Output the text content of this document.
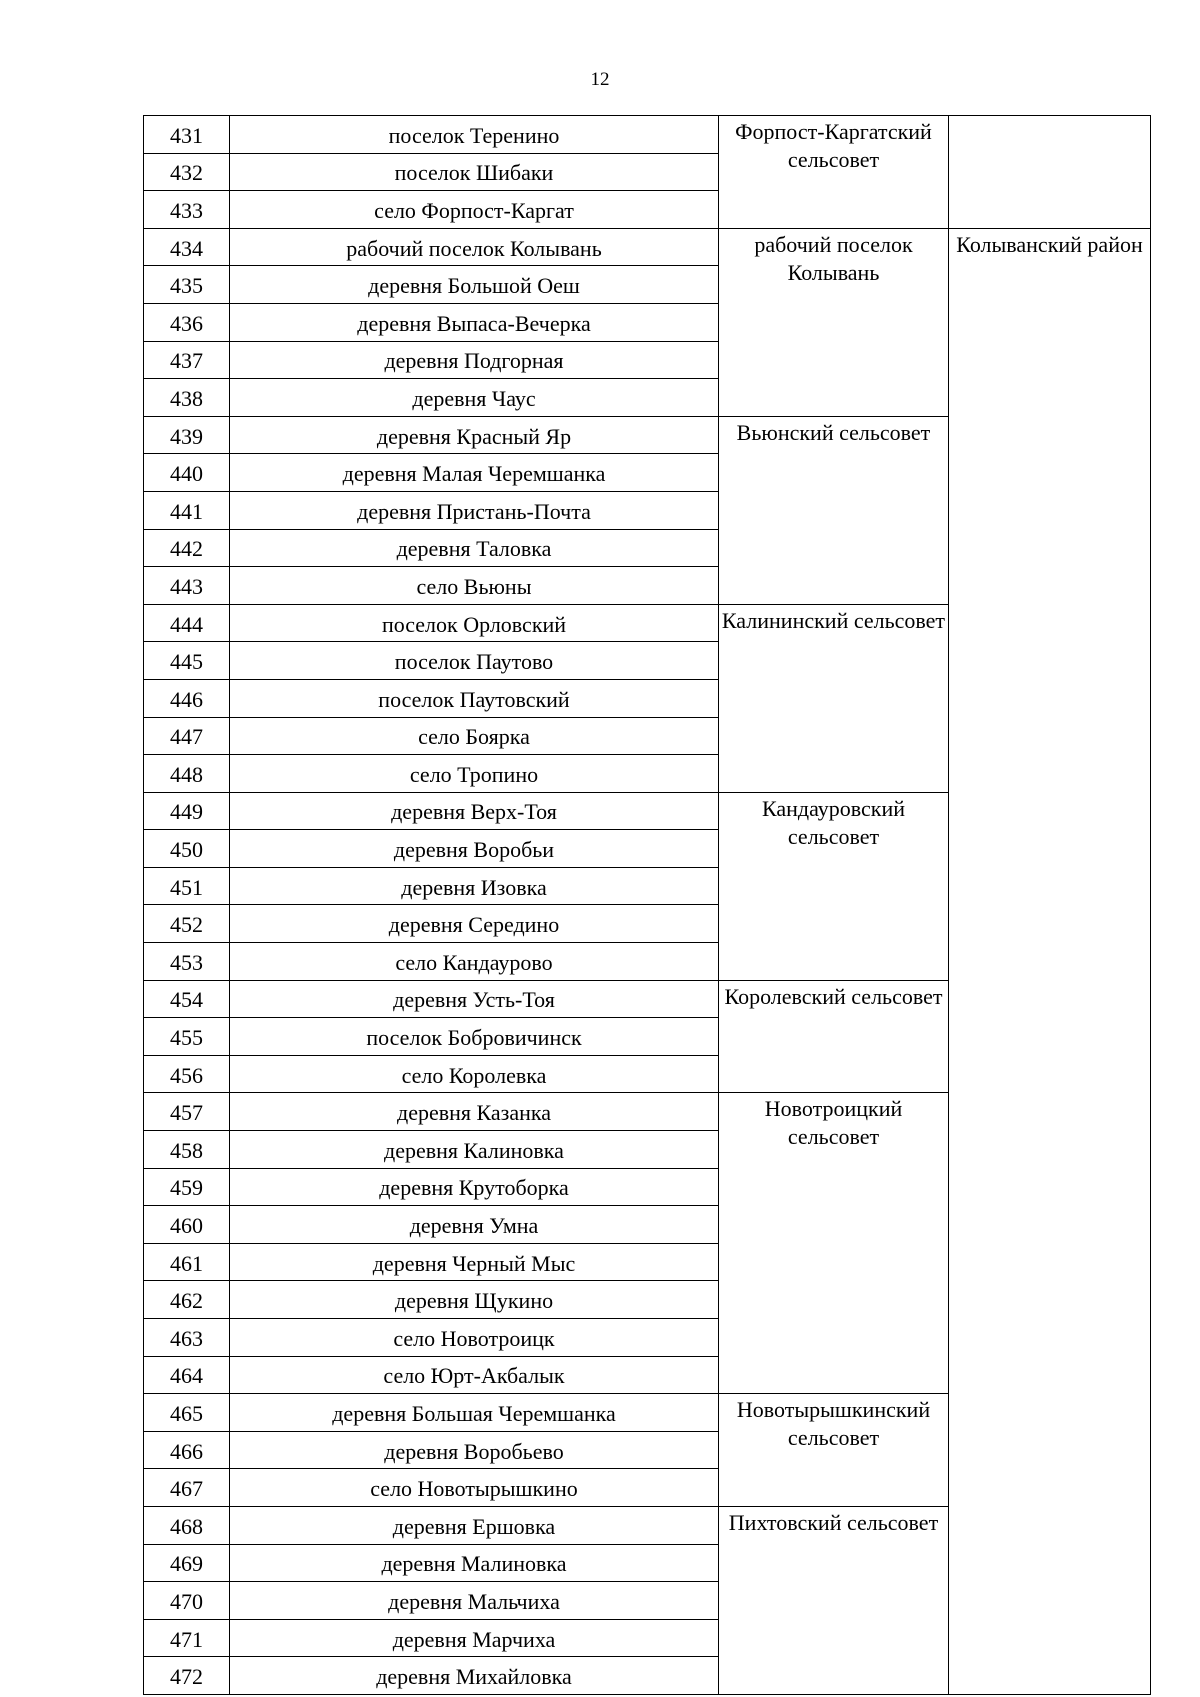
12
431	поселок Теренино	Форпост-Каргатский сельсовет	
432	поселок Шибаки		
433	село Форпост-Каргат		
434	рабочий поселок Колывань	рабочий поселок Колывань	Колыванский район
435	деревня Большой Оеш		
436	деревня Выпаса-Вечерка		
437	деревня Подгорная		
438	деревня Чаус		
439	деревня Красный Яр	Вьюнский сельсовет	
440	деревня Малая Черемшанка		
441	деревня Пристань-Почта		
442	деревня Таловка		
443	село Вьюны		
444	поселок Орловский	Калининский сельсовет	
445	поселок Паутово		
446	поселок Паутовский		
447	село Боярка		
448	село Тропино		
449	деревня Верх-Тоя	Кандауровский сельсовет	
450	деревня Воробьи		
451	деревня Изовка		
452	деревня Середино		
453	село Кандаурово		
454	деревня Усть-Тоя	Королевский сельсовет	
455	поселок Бобровичинск		
456	село Королевка		
457	деревня Казанка	Новотроицкий сельсовет	
458	деревня Калиновка		
459	деревня Крутоборка		
460	деревня Умна		
461	деревня Черный Мыс		
462	деревня Щукино		
463	село Новотроицк		
464	село Юрт-Акбалык		
465	деревня Большая Черемшанка	Новотырышкинский сельсовет	
466	деревня Воробьево		
467	село Новотырышкино		
468	деревня Ершовка	Пихтовский сельсовет	
469	деревня Малиновка		
470	деревня Мальчиха		
471	деревня Марчиха		
472	деревня Михайловка		
